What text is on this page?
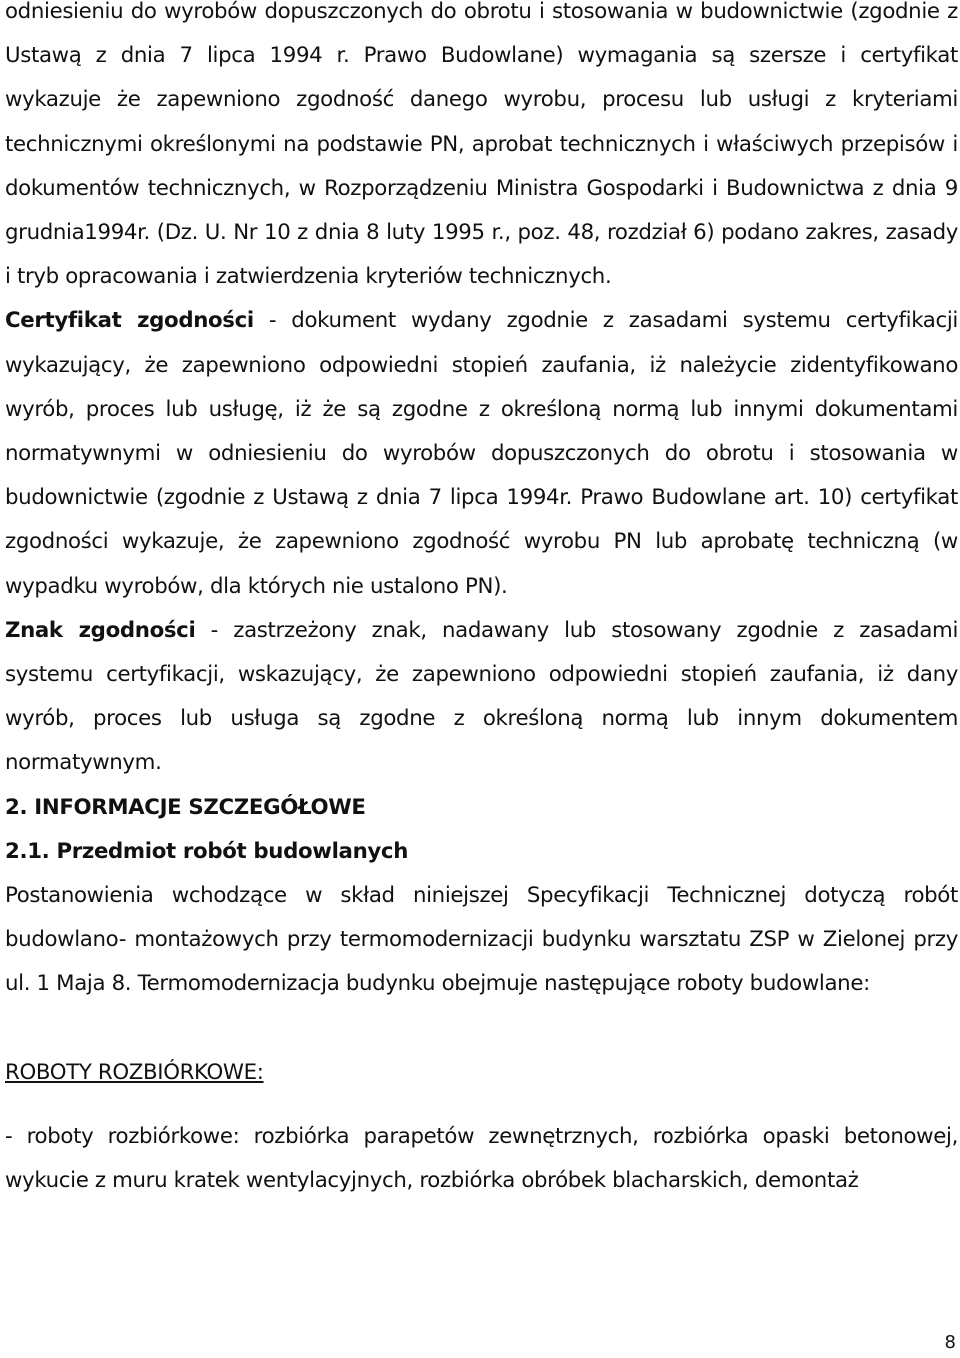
odniesieniu do wyrobów dopuszczonych do obrotu i stosowania w budownictwie (zgodnie z Ustawą z dnia 7 lipca 1994 r. Prawo Budowlane) wymagania są szersze i certyfikat wykazuje że zapewniono zgodność danego wyrobu, procesu lub usługi z kryteriami technicznymi określonymi na podstawie PN, aprobat technicznych i właściwych przepisów i dokumentów technicznych, w Rozporządzeniu Ministra Gospodarki i Budownictwa z dnia 9 grudnia1994r. (Dz. U. Nr 10 z dnia 8 luty 1995 r., poz. 48, rozdział 6) podano zakres, zasady i tryb opracowania i zatwierdzenia kryteriów technicznych.

Certyfikat zgodności - dokument wydany zgodnie z zasadami systemu certyfikacji wykazujący, że zapewniono odpowiedni stopień zaufania, iż należycie zidentyfikowano wyrób, proces lub usługę, iż że są zgodne z określoną normą lub innymi dokumentami normatywnymi w odniesieniu do wyrobów dopuszczonych do obrotu i stosowania w budownictwie (zgodnie z Ustawą z dnia 7 lipca 1994r. Prawo Budowlane art. 10) certyfikat zgodności wykazuje, że zapewniono zgodność wyrobu PN lub aprobatę techniczną (w wypadku wyrobów, dla których nie ustalono PN).

Znak zgodności - zastrzeżony znak, nadawany lub stosowany zgodnie z zasadami systemu certyfikacji, wskazujący, że zapewniono odpowiedni stopień zaufania, iż dany wyrób, proces lub usługa są zgodne z określoną normą lub innym dokumentem normatywnym.

2. INFORMACJE SZCZEGÓŁOWE

2.1. Przedmiot robót budowlanych

Postanowienia wchodzące w skład niniejszej Specyfikacji Technicznej dotyczą robót budowlano- montażowych przy termomodernizacji budynku warsztatu ZSP w Zielonej przy ul. 1 Maja 8. Termomodernizacja budynku obejmuje następujące roboty budowlane:

ROBOTY ROZBIÓRKOWE:

- roboty rozbiórkowe: rozbiórka parapetów zewnętrznych, rozbiórka opaski betonowej, wykucie z muru kratek wentylacyjnych, rozbiórka obróbek blacharskich, demontaż

8
